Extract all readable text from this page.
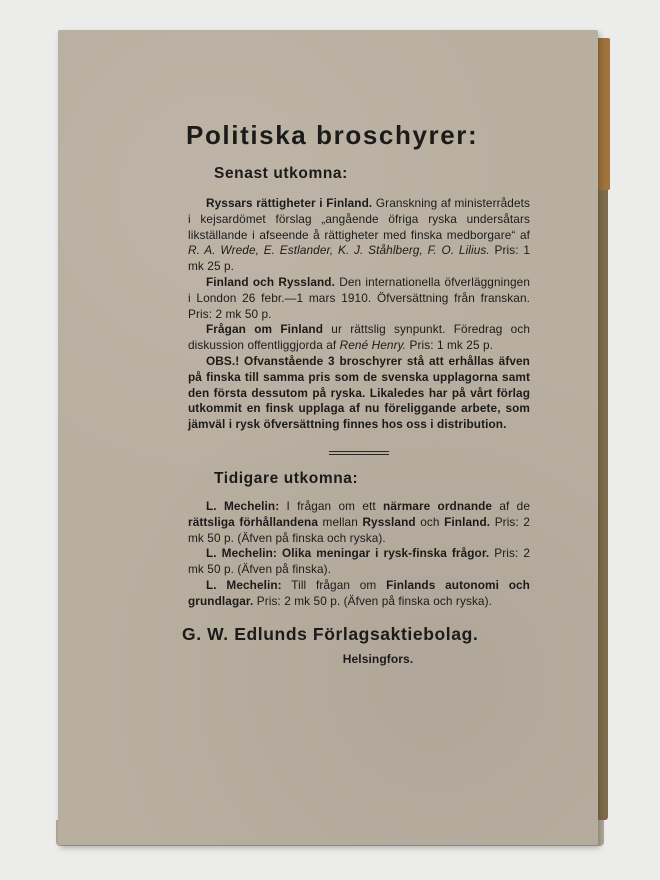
Politiska broschyrer:
Senast utkomna:

Ryssars rättigheter i Finland. Granskning af ministerrådets i kejsardömet förslag „angående öfriga ryska undersåtars likställande i afseende å rättigheter med finska medborgare“ af R. A. Wrede, E. Estlander, K. J. Ståhlberg, F. O. Lilius. Pris: 1 mk 25 p.

Finland och Ryssland. Den internationella öfverläggningen i London 26 febr.—1 mars 1910. Öfversättning från franskan. Pris: 2 mk 50 p.

Frågan om Finland ur rättslig synpunkt. Föredrag och diskussion offentliggjorda af René Henry. Pris: 1 mk 25 p.

OBS.! Ofvanstående 3 broschyrer stå att erhållas äfven på finska till samma pris som de svenska upplagorna samt den första dessutom på ryska. Likaledes har på vårt förlag utkommit en finsk upplaga af nu föreliggande arbete, som jämväl i rysk öfversättning finnes hos oss i distribution.

Tidigare utkomna:

L. Mechelin: I frågan om ett närmare ordnande af de rättsliga förhållandena mellan Ryssland och Finland. Pris: 2 mk 50 p. (Äfven på finska och ryska).

L. Mechelin: Olika meningar i rysk-finska frågor. Pris: 2 mk 50 p. (Äfven på finska).

L. Mechelin: Till frågan om Finlands autonomi och grundlagar. Pris: 2 mk 50 p. (Äfven på finska och ryska).

G. W. Edlunds Förlagsaktiebolag.
Helsingfors.
